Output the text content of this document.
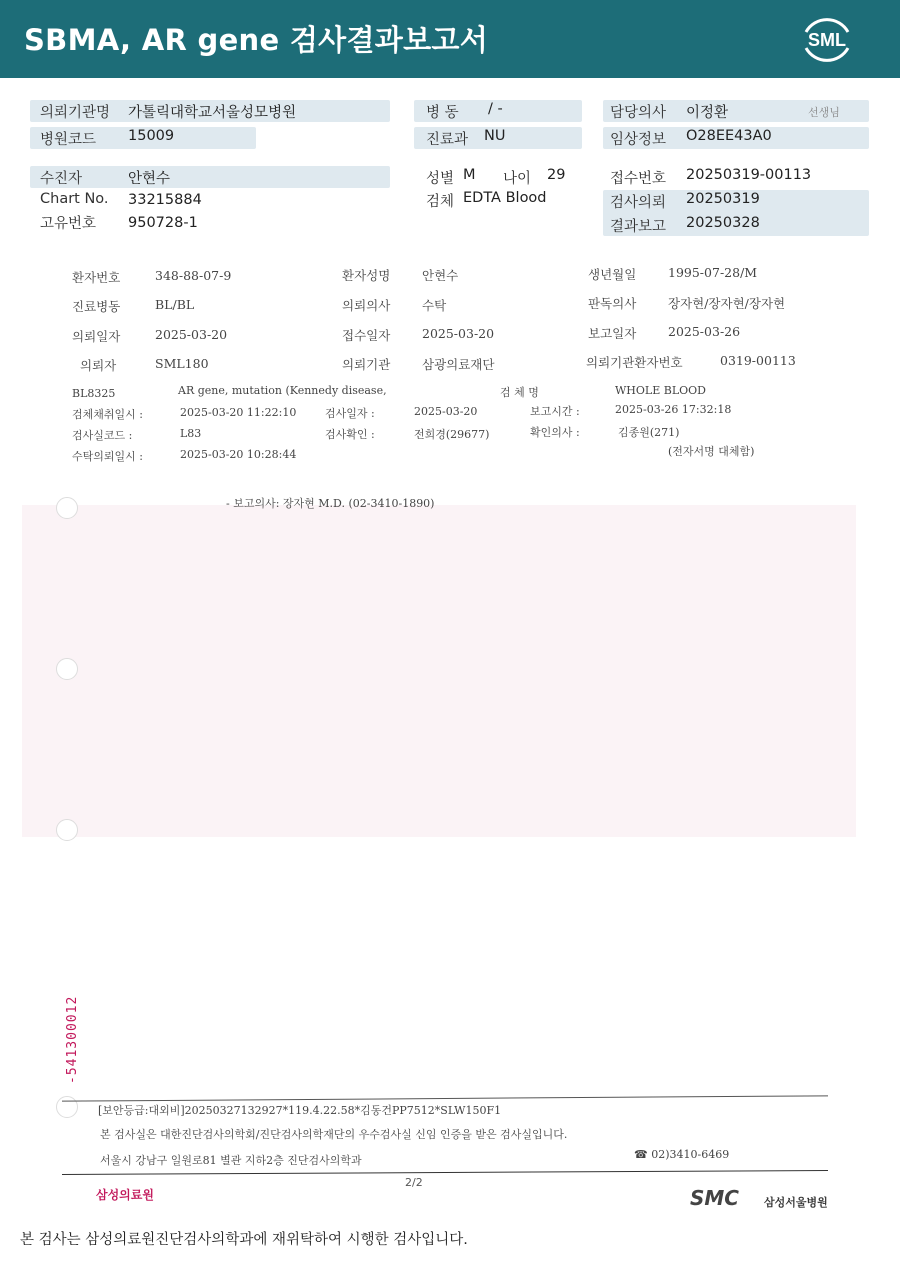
SBMA, AR gene 검사결과보고서	SML
의뢰기관명 가톨릭대학교서울성모병원
병원코드 15009
병 동 / -
진료과 NU
담당의사 이정환	선생님
임상정보 O28EE43A0
수진자	안현수
Chart No. 33215884
고유번호 950728-1
성별 M 나이 29
검체 EDTA Blood
접수번호 20250319-00113
검사의뢰 20250319
결과보고 20250328
환자번호	348-88-07-9	환자성명	안현수	생년월일	1995-07-28/M
진료병동	BL/BL	의뢰의사	수탁	판독의사	장자현/장자현/장자현
의뢰일자	2025-03-20	접수일자	2025-03-20	보고일자	2025-03-26
의뢰자	SML180	의뢰기관	삼광의료재단	의뢰기관환자번호	0319-00113
BL8325	AR gene, mutation (Kennedy disease,	검 체 명	WHOLE BLOOD
검체채취일시 :	2025-03-20 11:22:10	검사일자 :	2025-03-20	보고시간 :	2025-03-26 17:32:18
검사실코드 :	L83	검사확인 :	전희경(29677)	확인의사 :	김종원(271)
수탁의뢰일시 :	2025-03-20 10:28:44	(전자서명 대체함)
- 보고의사: 장자현 M.D. (02-3410-1890)
-541300012
[보안등급:대외비]20250327132927*119.4.22.58*김동건PP7512*SLW150F1
본 검사실은 대한진단검사의학회/진단검사의학재단의 우수검사실 신임 인증을 받은 검사실입니다.
서울시 강남구 일원로81 별관 지하2층 진단검사의학과	☎ 02)3410-6469
2/2
삼성의료원	SMC 삼성서울병원
본 검사는 삼성의료원진단검사의학과에 재위탁하여 시행한 검사입니다.
